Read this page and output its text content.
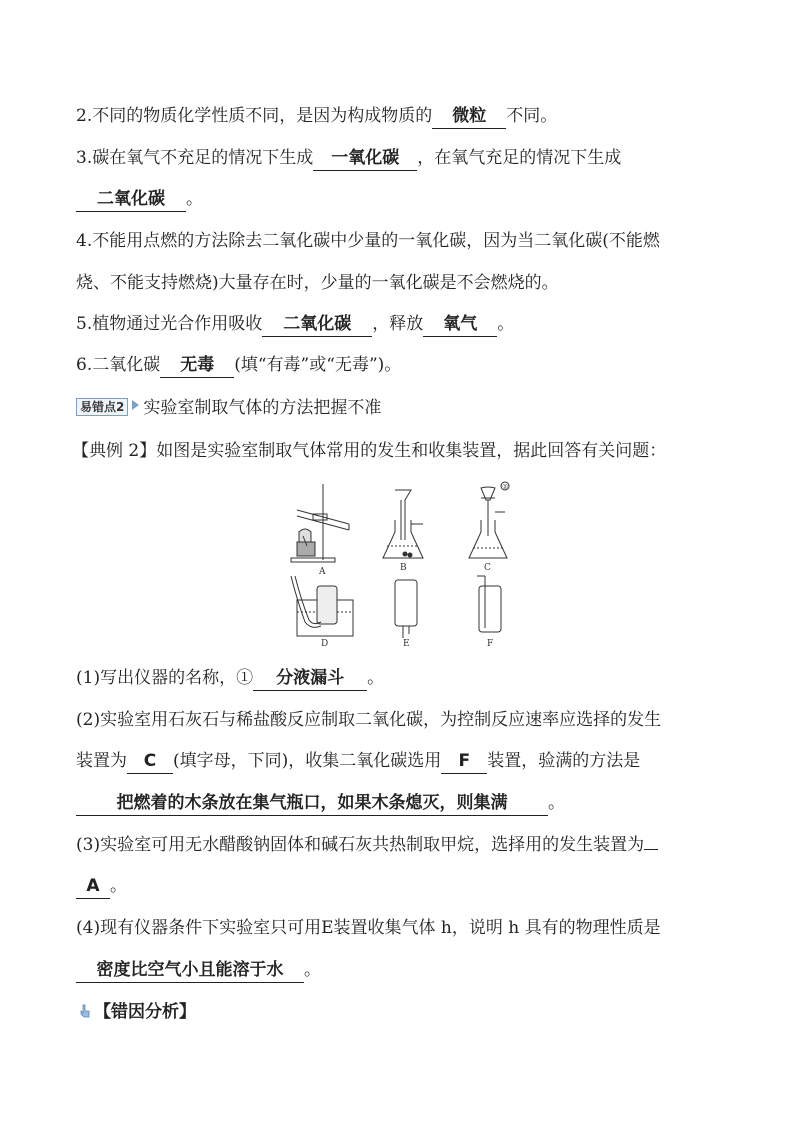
2.不同的物质化学性质不同，是因为构成物质的 微粒 不同。
3.碳在氧气不充足的情况下生成 一氧化碳 ，在氧气充足的情况下生成
二氧化碳 。
4.不能用点燃的方法除去二氧化碳中少量的一氧化碳，因为当二氧化碳(不能燃
烧、不能支持燃烧)大量存在时，少量的一氧化碳是不会燃烧的。
5.植物通过光合作用吸收 二氧化碳 ，释放 氧气 。
6.二氧化碳 无毒 (填“有毒”或“无毒”)。
易错点2 实验室制取气体的方法把握不准
【典例 2】如图是实验室制取气体常用的发生和收集装置，据此回答有关问题：
A	B	C
D	E	F
①
(1)写出仪器的名称，① 分液漏斗 。
(2)实验室用石灰石与稀盐酸反应制取二氧化碳，为控制反应速率应选择的发生
装置为 C (填字母，下同)，收集二氧化碳选用 F 装置，验满的方法是
把燃着的木条放在集气瓶口，如果木条熄灭，则集满 。
(3)实验室可用无水醋酸钠固体和碱石灰共热制取甲烷，选择用的发生装置为
A 。
(4)现有仪器条件下实验室只可用E装置收集气体 h，说明 h 具有的物理性质是
密度比空气小且能溶于水 。
【错因分析】
